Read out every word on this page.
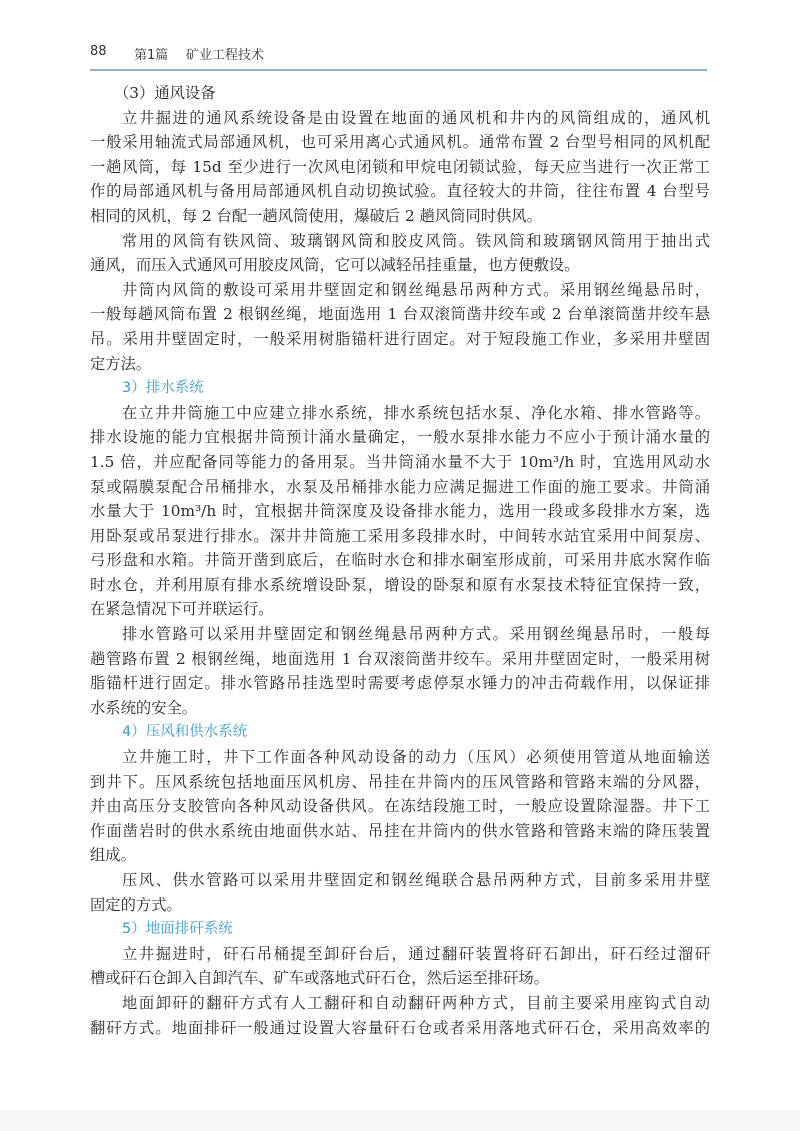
88 第1篇 矿业工程技术
（3）通风设备
立井掘进的通风系统设备是由设置在地面的通风机和井内的风筒组成的，通风机
一般采用轴流式局部通风机，也可采用离心式通风机。通常布置 2 台型号相同的风机配
一趟风筒，每 15d 至少进行一次风电闭锁和甲烷电闭锁试验，每天应当进行一次正常工
作的局部通风机与备用局部通风机自动切换试验。直径较大的井筒，往往布置 4 台型号
相同的风机，每 2 台配一趟风筒使用，爆破后 2 趟风筒同时供风。
常用的风筒有铁风筒、玻璃钢风筒和胶皮风筒。铁风筒和玻璃钢风筒用于抽出式
通风，而压入式通风可用胶皮风筒，它可以减轻吊挂重量，也方便敷设。
井筒内风筒的敷设可采用井壁固定和钢丝绳悬吊两种方式。采用钢丝绳悬吊时，
一般每趟风筒布置 2 根钢丝绳，地面选用 1 台双滚筒凿井绞车或 2 台单滚筒凿井绞车悬
吊。采用井壁固定时，一般采用树脂锚杆进行固定。对于短段施工作业，多采用井壁固
定方法。
3）排水系统
在立井井筒施工中应建立排水系统，排水系统包括水泵、净化水箱、排水管路等。
排水设施的能力宜根据井筒预计涌水量确定，一般水泵排水能力不应小于预计涌水量的
1.5 倍，并应配备同等能力的备用泵。当井筒涌水量不大于 10m³/h 时，宜选用风动水
泵或隔膜泵配合吊桶排水，水泵及吊桶排水能力应满足掘进工作面的施工要求。井筒涌
水量大于 10m³/h 时，宜根据井筒深度及设备排水能力，选用一段或多段排水方案，选
用卧泵或吊泵进行排水。深井井筒施工采用多段排水时，中间转水站宜采用中间泵房、
弓形盘和水箱。井筒开凿到底后，在临时水仓和排水硐室形成前，可采用井底水窝作临
时水仓，并利用原有排水系统增设卧泵，增设的卧泵和原有水泵技术特征宜保持一致，
在紧急情况下可并联运行。
排水管路可以采用井壁固定和钢丝绳悬吊两种方式。采用钢丝绳悬吊时，一般每
趟管路布置 2 根钢丝绳，地面选用 1 台双滚筒凿井绞车。采用井壁固定时，一般采用树
脂锚杆进行固定。排水管路吊挂选型时需要考虑停泵水锤力的冲击荷载作用，以保证排
水系统的安全。
4）压风和供水系统
立井施工时，井下工作面各种风动设备的动力（压风）必须使用管道从地面输送
到井下。压风系统包括地面压风机房、吊挂在井筒内的压风管路和管路末端的分风器，
并由高压分支胶管向各种风动设备供风。在冻结段施工时，一般应设置除湿器。井下工
作面凿岩时的供水系统由地面供水站、吊挂在井筒内的供水管路和管路末端的降压装置
组成。
压风、供水管路可以采用井壁固定和钢丝绳联合悬吊两种方式，目前多采用井壁
固定的方式。
5）地面排矸系统
立井掘进时，矸石吊桶提至卸矸台后，通过翻矸装置将矸石卸出，矸石经过溜矸
槽或矸石仓卸入自卸汽车、矿车或落地式矸石仓，然后运至排矸场。
地面卸矸的翻矸方式有人工翻矸和自动翻矸两种方式，目前主要采用座钩式自动
翻矸方式。地面排矸一般通过设置大容量矸石仓或者采用落地式矸石仓，采用高效率的
